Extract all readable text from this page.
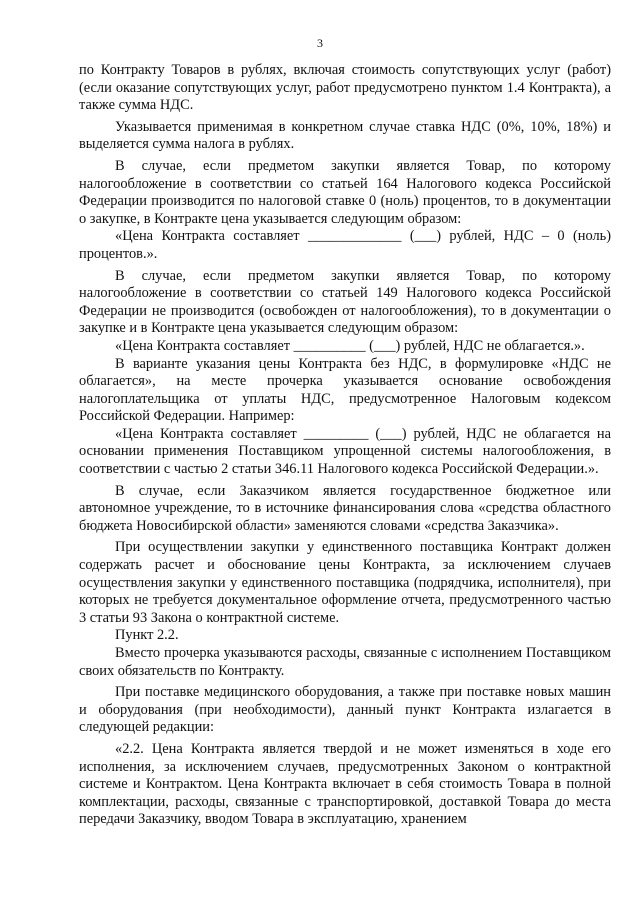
3

по Контракту Товаров в рублях, включая стоимость сопутствующих услуг (работ) (если оказание сопутствующих услуг, работ предусмотрено пунктом 1.4 Контракта), а также сумма НДС.

Указывается применимая в конкретном случае ставка НДС (0%, 10%, 18%) и выделяется сумма налога в рублях.

В случае, если предметом закупки является Товар, по которому налогообложение в соответствии со статьей 164 Налогового кодекса Российской Федерации производится по налоговой ставке 0 (ноль) процентов, то в документации о закупке, в Контракте цена указывается следующим образом:

«Цена Контракта составляет _____________ (___) рублей, НДС – 0 (ноль) процентов.».

В случае, если предметом закупки является Товар, по которому налогообложение в соответствии со статьей 149 Налогового кодекса Российской Федерации не производится (освобожден от налогообложения), то в документации о закупке и в Контракте цена указывается следующим образом:

«Цена Контракта составляет __________ (___) рублей, НДС не облагается.».

В варианте указания цены Контракта без НДС, в формулировке «НДС не облагается», на месте прочерка указывается основание освобождения налогоплательщика от уплаты НДС, предусмотренное Налоговым кодексом Российской Федерации. Например:

«Цена Контракта составляет _________ (___) рублей, НДС не облагается на основании применения Поставщиком упрощенной системы налогообложения, в соответствии с частью 2 статьи 346.11 Налогового кодекса Российской Федерации.».

В случае, если Заказчиком является государственное бюджетное или автономное учреждение, то в источнике финансирования слова «средства областного бюджета Новосибирской области» заменяются словами «средства Заказчика».

При осуществлении закупки у единственного поставщика Контракт должен содержать расчет и обоснование цены Контракта, за исключением случаев осуществления закупки у единственного поставщика (подрядчика, исполнителя), при которых не требуется документальное оформление отчета, предусмотренного частью 3 статьи 93 Закона о контрактной системе.

Пункт 2.2.

Вместо прочерка указываются расходы, связанные с исполнением Поставщиком своих обязательств по Контракту.

При поставке медицинского оборудования, а также при поставке новых машин и оборудования (при необходимости), данный пункт Контракта излагается в следующей редакции:

«2.2. Цена Контракта является твердой и не может изменяться в ходе его исполнения, за исключением случаев, предусмотренных Законом о контрактной системе и Контрактом. Цена Контракта включает в себя стоимость Товара в полной комплектации, расходы, связанные с транспортировкой, доставкой Товара до места передачи Заказчику, вводом Товара в эксплуатацию, хранением
